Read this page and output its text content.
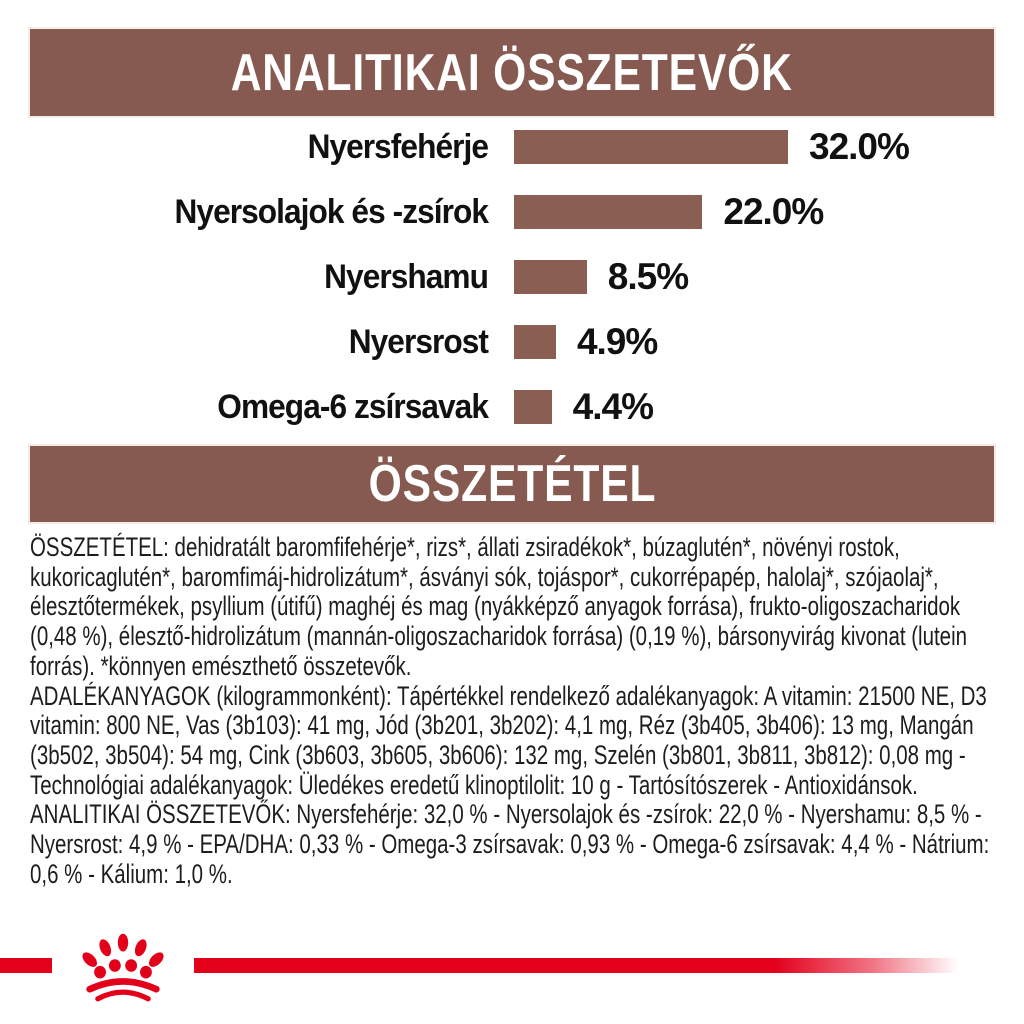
ANALITIKAI ÖSSZETEVŐK
Nyersfehérje	32.0%
Nyersolajok és -zsírok	22.0%
Nyershamu	8.5%
Nyersrost 4.9%
Omega-6 zsírsavak 4.4%
ÖSSZETÉTEL

ÖSSZETÉTEL: dehidratált baromfifehérje*, rizs*, állati zsiradékok*, búzaglutén*, növényi rostok, kukoricaglutén*, baromfimáj-hidrolizátum*, ásványi sók, tojáspor*, cukorrépapép, halolaj*, szójaolaj*, élesztőtermékek, psyllium (útifű) maghéj és mag (nyákképző anyagok forrása), frukto-oligoszacharidok (0,48 %), élesztő-hidrolizátum (mannán-oligoszacharidok forrása) (0,19 %), bársonyvirág kivonat (lutein forrás). *könnyen emészthető összetevők.

ADALÉKANYAGOK (kilogrammonként): Tápértékkel rendelkező adalékanyagok: A vitamin: 21500 NE, D3 vitamin: 800 NE, Vas (3b103): 41 mg, Jód (3b201, 3b202): 4,1 mg, Réz (3b405, 3b406): 13 mg, Mangán (3b502, 3b504): 54 mg, Cink (3b603, 3b605, 3b606): 132 mg, Szelén (3b801, 3b811, 3b812): 0,08 mg - Technológiai adalékanyagok: Üledékes eredetű klinoptilolit: 10 g - Tartósítószerek - Antioxidánsok.

ANALITIKAI ÖSSZETEVŐK: Nyersfehérje: 32,0 % - Nyersolajok és -zsírok: 22,0 % - Nyershamu: 8,5 % - Nyersrost: 4,9 % - EPA/DHA: 0,33 % - Omega-3 zsírsavak: 0,93 % - Omega-6 zsírsavak: 4,4 % - Nátrium: 0,6 % - Kálium: 1,0 %.
